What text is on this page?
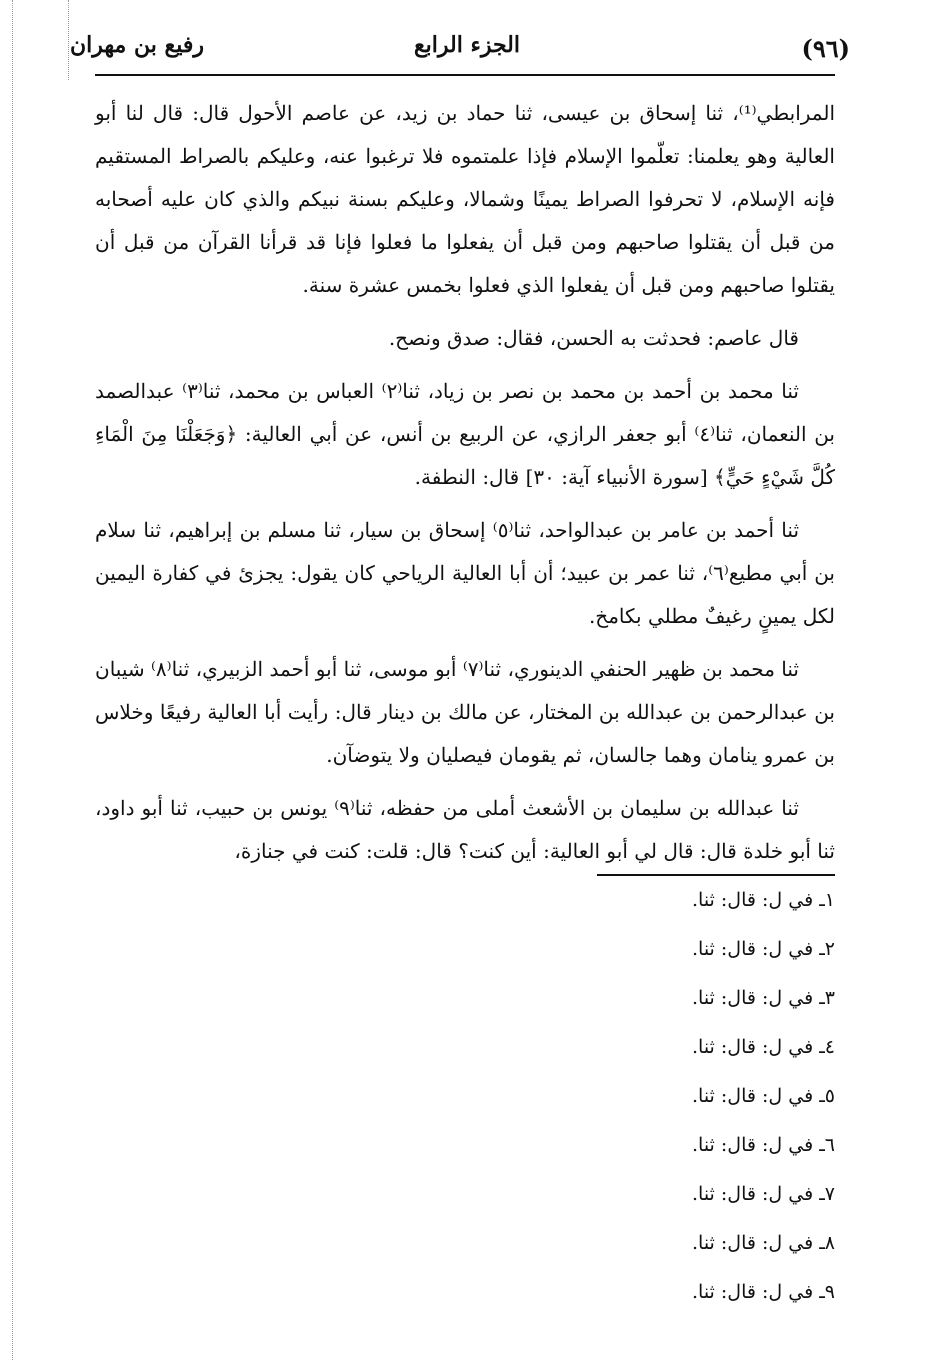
(٩٦)
الجزء الرابع
رفيع بن مهران

المرابطي⁽¹⁾، ثنا إسحاق بن عيسى، ثنا حماد بن زيد، عن عاصم الأحول قال: قال لنا أبو العالية وهو يعلمنا: تعلّموا الإسلام فإذا علمتموه فلا ترغبوا عنه، وعليكم بالصراط المستقيم فإنه الإسلام، لا تحرفوا الصراط يمينًا وشمالا، وعليكم بسنة نبيكم والذي كان عليه أصحابه من قبل أن يقتلوا صاحبهم ومن قبل أن يفعلوا ما فعلوا فإنا قد قرأنا القرآن من قبل أن يقتلوا صاحبهم ومن قبل أن يفعلوا الذي فعلوا بخمس عشرة سنة.

قال عاصم: فحدثت به الحسن، فقال: صدق ونصح.

ثنا محمد بن أحمد بن محمد بن نصر بن زياد، ثنا⁽٢⁾ العباس بن محمد، ثنا⁽٣⁾ عبدالصمد بن النعمان، ثنا⁽٤⁾ أبو جعفر الرازي، عن الربيع بن أنس، عن أبي العالية: ﴿وَجَعَلْنَا مِنَ الْمَاءِ كُلَّ شَيْءٍ حَيٍّ﴾ [سورة الأنبياء آية: ٣٠] قال: النطفة.

ثنا أحمد بن عامر بن عبدالواحد، ثنا⁽٥⁾ إسحاق بن سيار، ثنا مسلم بن إبراهيم، ثنا سلام بن أبي مطيع⁽٦⁾، ثنا عمر بن عبيد؛ أن أبا العالية الرياحي كان يقول: يجزئ في كفارة اليمين لكل يمينٍ رغيفٌ مطلي بكامخ.

ثنا محمد بن ظهير الحنفي الدينوري، ثنا⁽٧⁾ أبو موسى، ثنا أبو أحمد الزبيري، ثنا⁽٨⁾ شيبان بن عبدالرحمن بن عبدالله بن المختار، عن مالك بن دينار قال: رأيت أبا العالية رفيعًا وخلاس بن عمرو ينامان وهما جالسان، ثم يقومان فيصليان ولا يتوضآن.

ثنا عبدالله بن سليمان بن الأشعث أملى من حفظه، ثنا⁽٩⁾ يونس بن حبيب، ثنا أبو داود، ثنا أبو خلدة قال: قال لي أبو العالية: أين كنت؟ قال: قلت: كنت في جنازة،

١ـ في ل: قال: ثنا.
٢ـ في ل: قال: ثنا.
٣ـ في ل: قال: ثنا.
٤ـ في ل: قال: ثنا.
٥ـ في ل: قال: ثنا.
٦ـ في ل: قال: ثنا.
٧ـ في ل: قال: ثنا.
٨ـ في ل: قال: ثنا.
٩ـ في ل: قال: ثنا.
